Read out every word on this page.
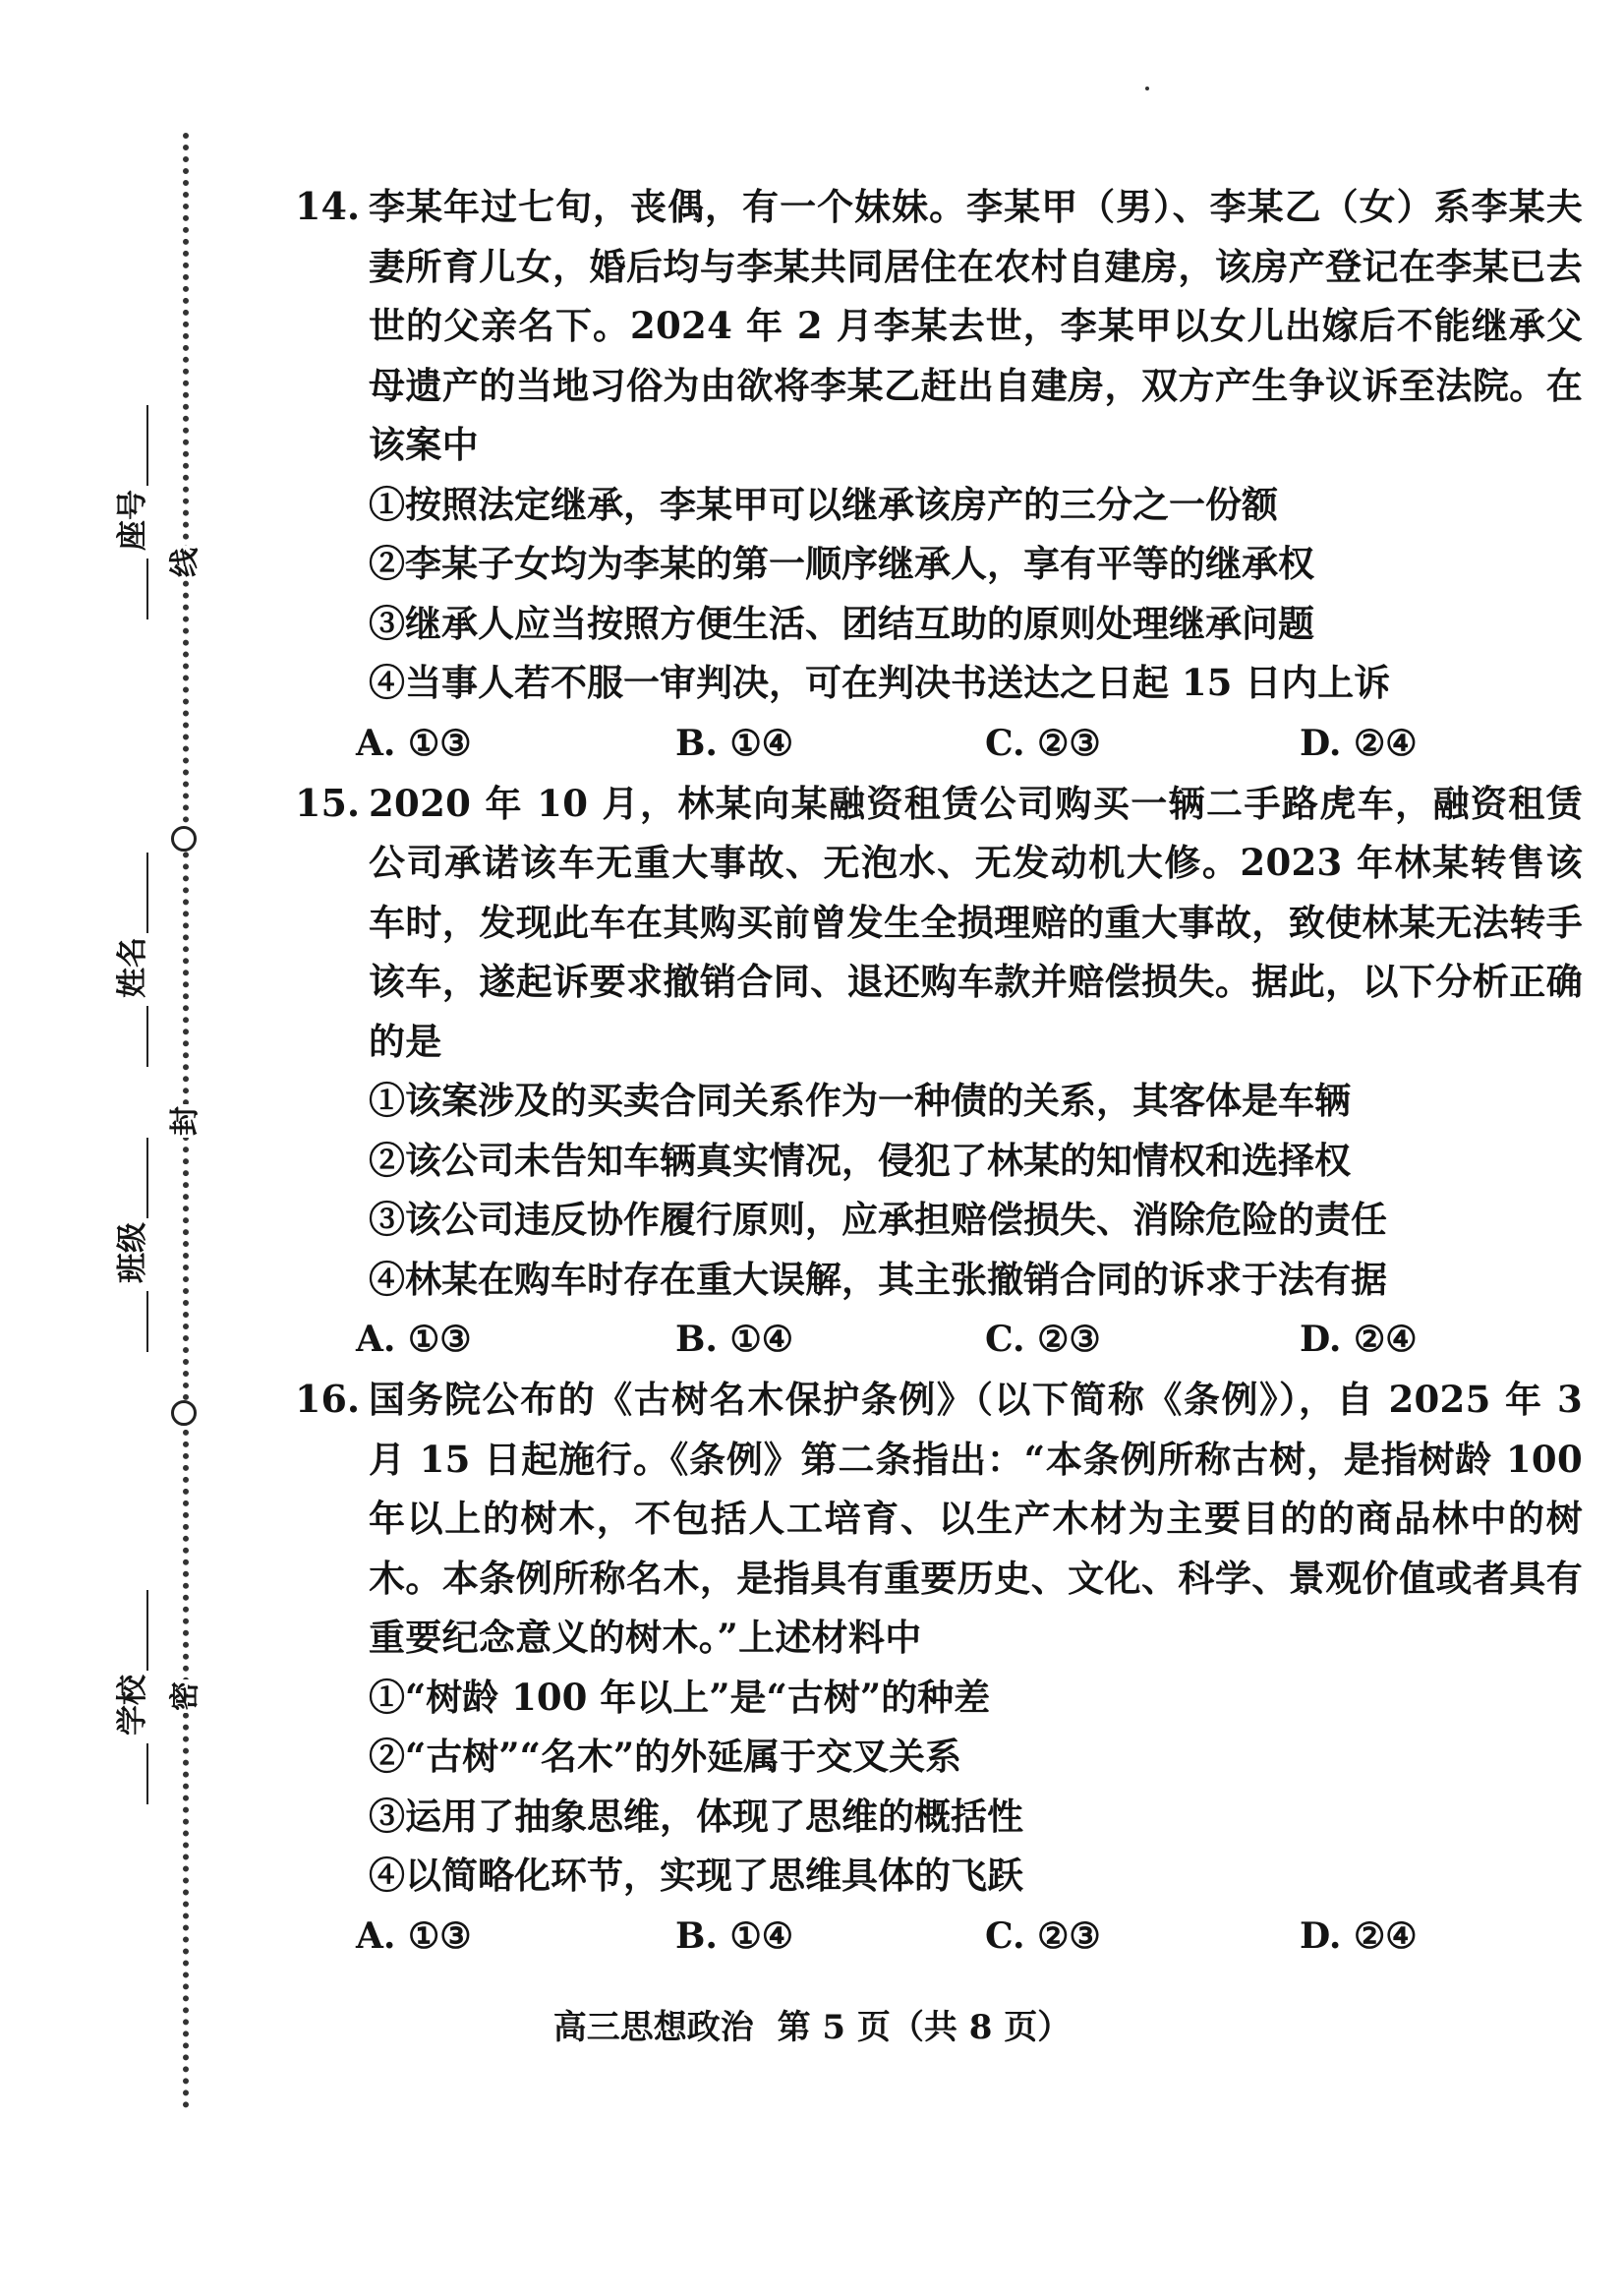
线
封
密
座号
姓名
班级
学校
14. 李某年过七旬，丧偶，有一个妹妹。李某甲（男）、李某乙（女）系李某夫妻所育儿女，婚后均与李某共同居住在农村自建房，该房产登记在李某已去世的父亲名下。2024 年 2 月李某去世，李某甲以女儿出嫁后不能继承父母遗产的当地习俗为由欲将李某乙赶出自建房，双方产生争议诉至法院。在该案中
①按照法定继承，李某甲可以继承该房产的三分之一份额
②李某子女均为李某的第一顺序继承人，享有平等的继承权
③继承人应当按照方便生活、团结互助的原则处理继承问题
④当事人若不服一审判决，可在判决书送达之日起 15 日内上诉
A. ①③	B. ①④	C. ②③	D. ②④
15. 2020 年 10 月，林某向某融资租赁公司购买一辆二手路虎车，融资租赁公司承诺该车无重大事故、无泡水、无发动机大修。2023 年林某转售该车时，发现此车在其购买前曾发生全损理赔的重大事故，致使林某无法转手该车，遂起诉要求撤销合同、退还购车款并赔偿损失。据此，以下分析正确的是
①该案涉及的买卖合同关系作为一种债的关系，其客体是车辆
②该公司未告知车辆真实情况，侵犯了林某的知情权和选择权
③该公司违反协作履行原则，应承担赔偿损失、消除危险的责任
④林某在购车时存在重大误解，其主张撤销合同的诉求于法有据
A. ①③	B. ①④	C. ②③	D. ②④
16. 国务院公布的《古树名木保护条例》（以下简称《条例》），自 2025 年 3 月 15 日起施行。《条例》第二条指出：“本条例所称古树，是指树龄 100 年以上的树木，不包括人工培育、以生产木材为主要目的的商品林中的树木。本条例所称名木，是指具有重要历史、文化、科学、景观价值或者具有重要纪念意义的树木。”上述材料中
①“树龄 100 年以上”是“古树”的种差
②“古树”“名木”的外延属于交叉关系
③运用了抽象思维，体现了思维的概括性
④以简略化环节，实现了思维具体的飞跃
A. ①③	B. ①④	C. ②③	D. ②④
高三思想政治 第 5 页（共 8 页）
